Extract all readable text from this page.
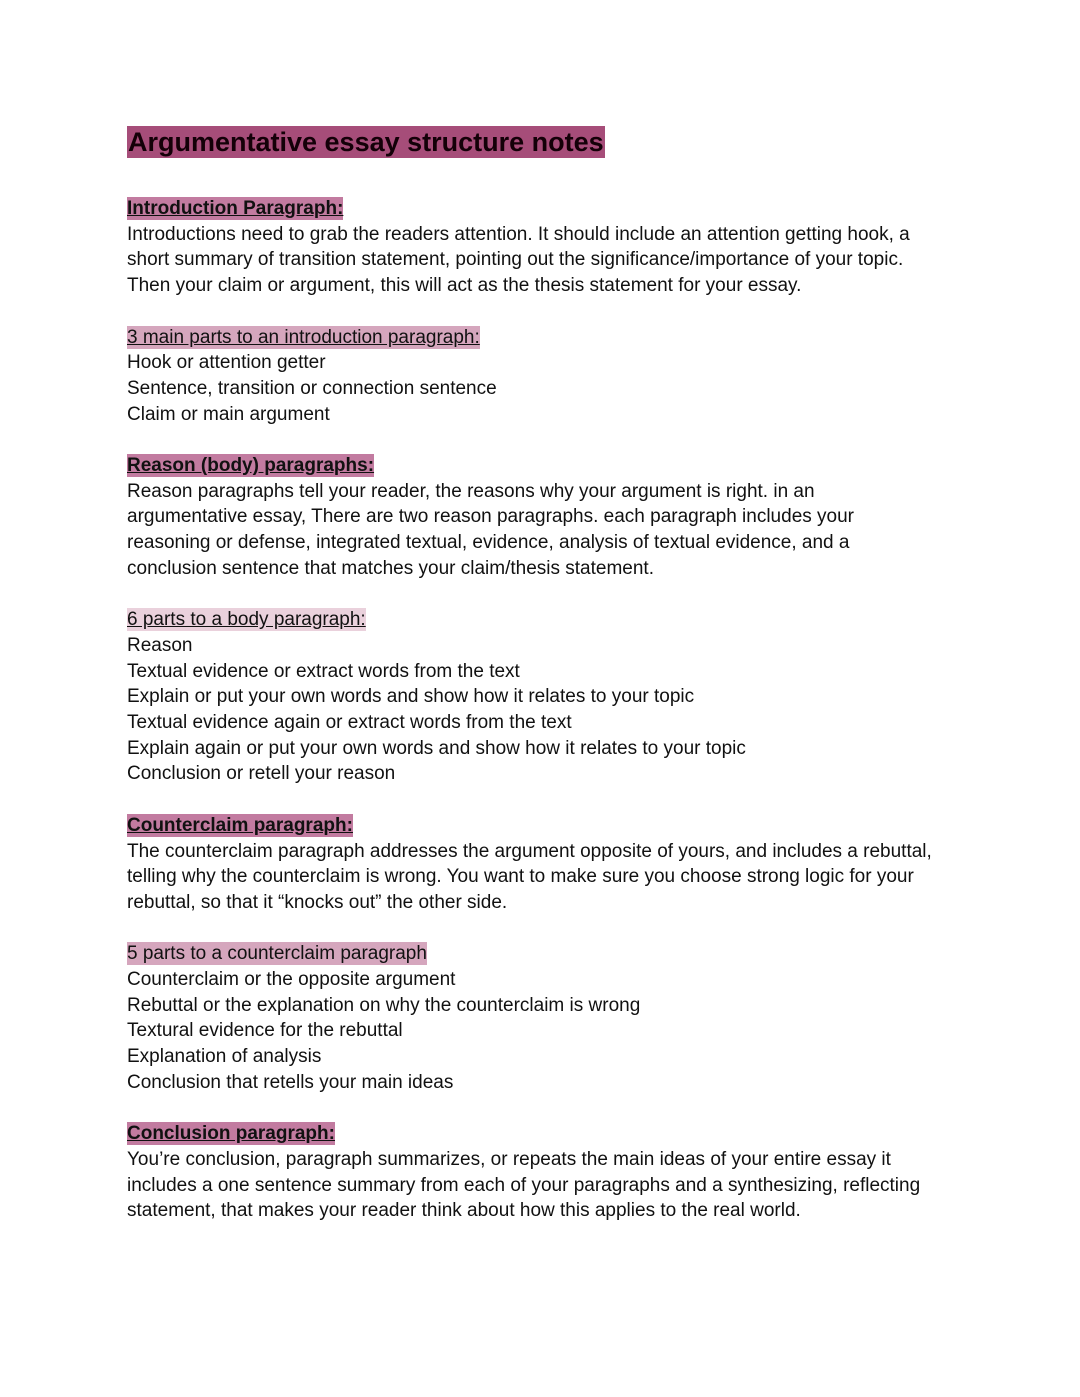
Argumentative essay structure notes
Introduction Paragraph:
Introductions need to grab the readers attention. It should include an attention getting hook, a
short summary of transition statement, pointing out the significance/importance of your topic.
Then your claim or argument, this will act as the thesis statement for your essay.
3 main parts to an introduction paragraph:
Hook or attention getter
Sentence, transition or connection sentence
Claim or main argument
Reason (body) paragraphs:
Reason paragraphs tell your reader, the reasons why your argument is right. in an
argumentative essay, There are two reason paragraphs. each paragraph includes your
reasoning or defense, integrated textual, evidence, analysis of textual evidence, and a
conclusion sentence that matches your claim/thesis statement.
6 parts to a body paragraph:
Reason
Textual evidence or extract words from the text
Explain or put your own words and show how it relates to your topic
Textual evidence again or extract words from the text
Explain again or put your own words and show how it relates to your topic
Conclusion or retell your reason
Counterclaim paragraph:
The counterclaim paragraph addresses the argument opposite of yours, and includes a rebuttal,
telling why the counterclaim is wrong. You want to make sure you choose strong logic for your
rebuttal, so that it “knocks out” the other side.
5 parts to a counterclaim paragraph
Counterclaim or the opposite argument
Rebuttal or the explanation on why the counterclaim is wrong
Textural evidence for the rebuttal
Explanation of analysis
Conclusion that retells your main ideas
Conclusion paragraph:
You’re conclusion, paragraph summarizes, or repeats the main ideas of your entire essay it
includes a one sentence summary from each of your paragraphs and a synthesizing, reflecting
statement, that makes your reader think about how this applies to the real world.
